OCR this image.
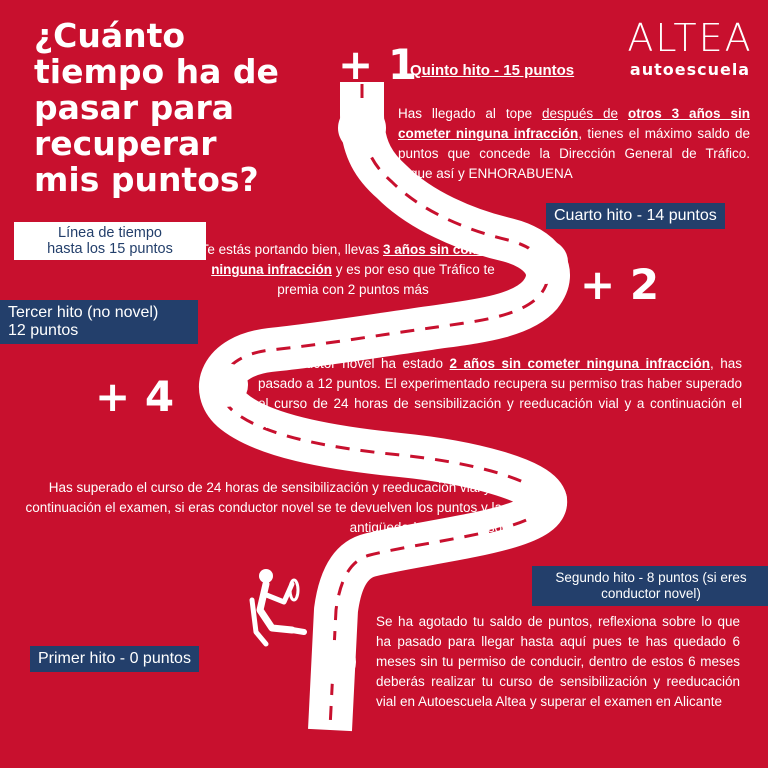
¿Cuánto
tiempo ha de
pasar para
recuperar
mis puntos?
ALTEA
autoescuela
+ 1
+ 2
+ 4
Quinto hito - 15 puntos
Has llegado al tope después de otros 3 años sin cometer ninguna infracción, tienes el máximo saldo de puntos que concede la Dirección General de Tráfico. Sigue así y ENHORABUENA
Cuarto hito - 14 puntos
Línea de tiempo
hasta los 15 puntos	Te estás portando bien, llevas 3 años sin cometer ninguna infracción y es por eso que Tráfico te premia con 2 puntos más
Tercer hito (no novel)
12 puntos
El conductor novel ha estado 2 años sin cometer ninguna infracción, has pasado a 12 puntos. El experimentado recupera su permiso tras haber superado el curso de 24 horas de sensibilización y reeducación vial y a continuación el examen
Has superado el curso de 24 horas de sensibilización y reeducación vial y a continuación el examen, si eras conductor novel se te devuelven los puntos y la antigüedad de tu permiso
Segundo hito - 8 puntos (si eres
conductor novel)
Se ha agotado tu saldo de puntos, reflexiona sobre lo que ha pasado para llegar hasta aquí pues te has quedado 6 meses sin tu permiso de conducir, dentro de estos 6 meses deberás realizar tu curso de sensibilización y reeducación vial en Autoescuela Altea y superar el examen en Alicante
Primer hito - 0 puntos
